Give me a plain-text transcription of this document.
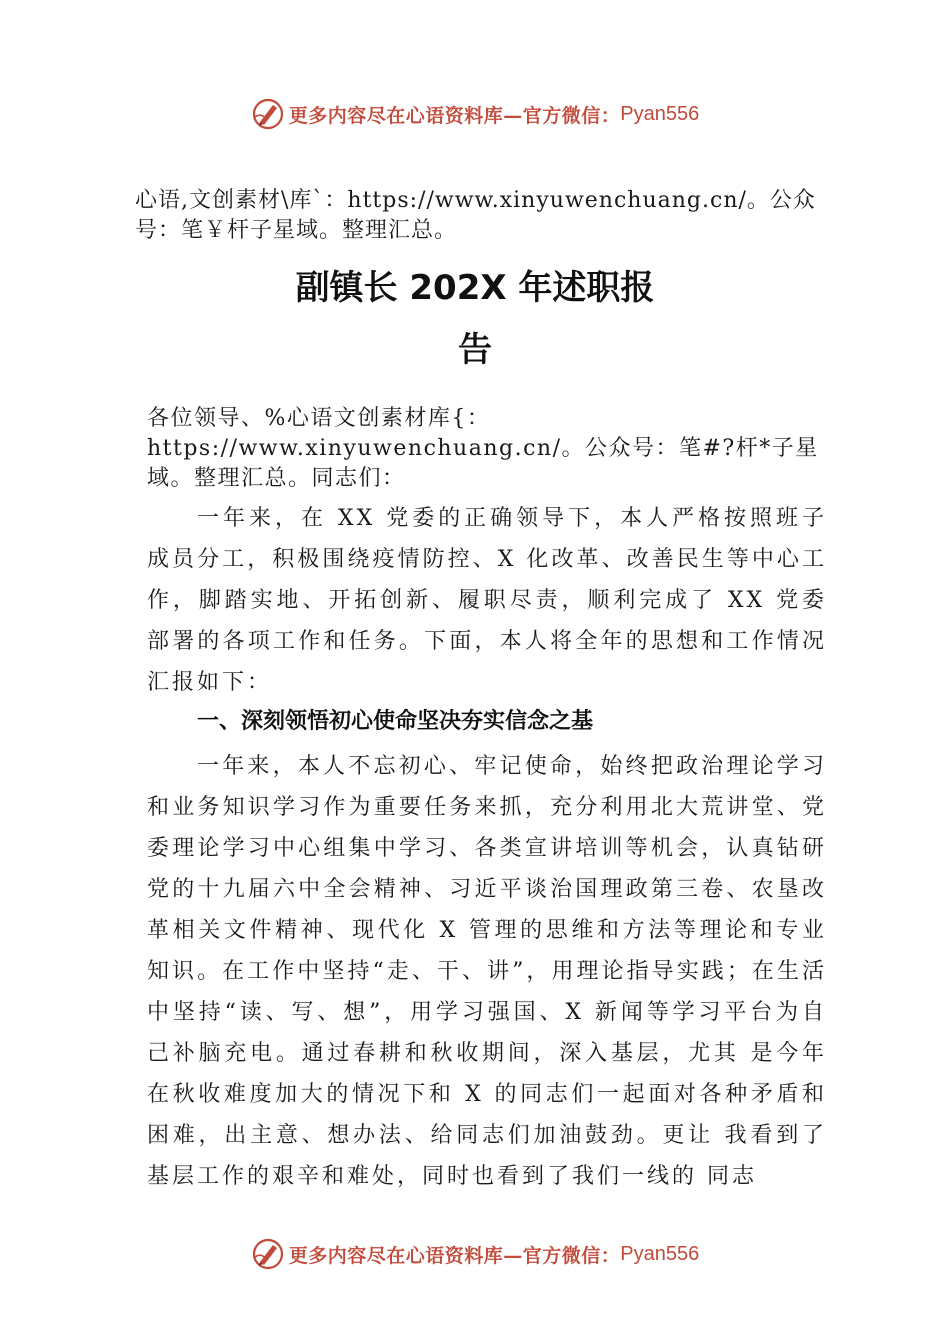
更多内容尽在心语资料库—官方微信： Pyan556

心语,文创素材\库`：https://www.xinyuwenchuang.cn/。公众号：笔￥杆子星域。整理汇总。

副镇长 202X 年述职报
告

各位领导、%心语文创素材库{：https://www.xinyuwenchuang.cn/。公众号：笔#?杆*子星域。整理汇总。同志们：

一年来，在 XX 党委的正确领导下，本人严格按照班子成员分工，积极围绕疫情防控、X 化改革、改善民生等中心工作，脚踏实地、开拓创新、履职尽责，顺利完成了 XX 党委部署的各项工作和任务。下面，本人将全年的思想和工作情况汇报如下：

一、深刻领悟初心使命坚决夯实信念之基

一年来，本人不忘初心、牢记使命，始终把政治理论学习和业务知识学习作为重要任务来抓，充分利用北大荒讲堂、党委理论学习中心组集中学习、各类宣讲培训等机会，认真钻研党的十九届六中全会精神、习近平谈治国理政第三卷、农垦改革相关文件精神、现代化 X 管理的思维和方法等理论和专业知识。在工作中坚持“走、干、讲”，用理论指导实践；在生活中坚持“读、写、想”，用学习强国、X 新闻等学习平台为自己补脑充电。通过春耕和秋收期间，深入基层，尤其 是今年在秋收难度加大的情况下和 X 的同志们一起面对各种矛盾和困难，出主意、想办法、给同志们加油鼓劲。更让 我看到了基层工作的艰辛和难处，同时也看到了我们一线的 同志

更多内容尽在心语资料库—官方微信： Pyan556
